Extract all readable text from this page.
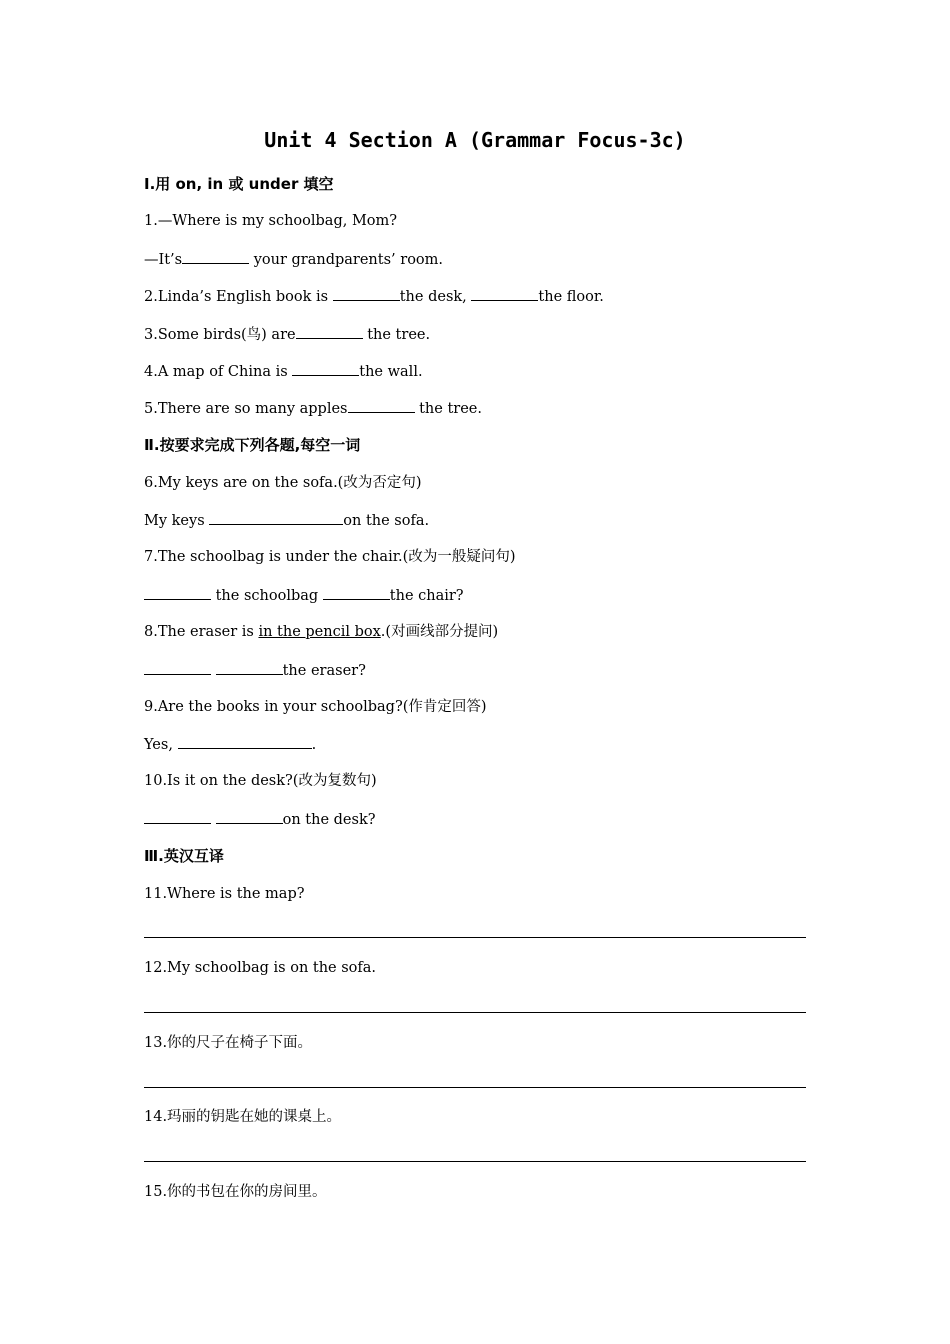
Unit 4 Section A (Grammar Focus-3c)
Ⅰ.用 on, in 或 under 填空
1.—Where is my schoolbag, Mom?
—It’s	your grandparents’ room.
2.Linda’s English book is	the desk,	the floor.
3.Some birds(鸟) are	the tree.
4.A map of China is	the wall.
5.There are so many apples	the tree.
Ⅱ.按要求完成下列各题,每空一词
6.My keys are on the sofa.(改为否定句)
My keys	on the sofa.
7.The schoolbag is under the chair.(改为一般疑问句)
the schoolbag	the chair?
8.The eraser is in the pencil box.(对画线部分提问)
the eraser?
9.Are the books in your schoolbag?(作肯定回答)
Yes,	.
10.Is it on the desk?(改为复数句)
on the desk?
Ⅲ.英汉互译
11.Where is the map?
12.My schoolbag is on the sofa.
13.你的尺子在椅子下面。
14.玛丽的钥匙在她的课桌上。
15.你的书包在你的房间里。
